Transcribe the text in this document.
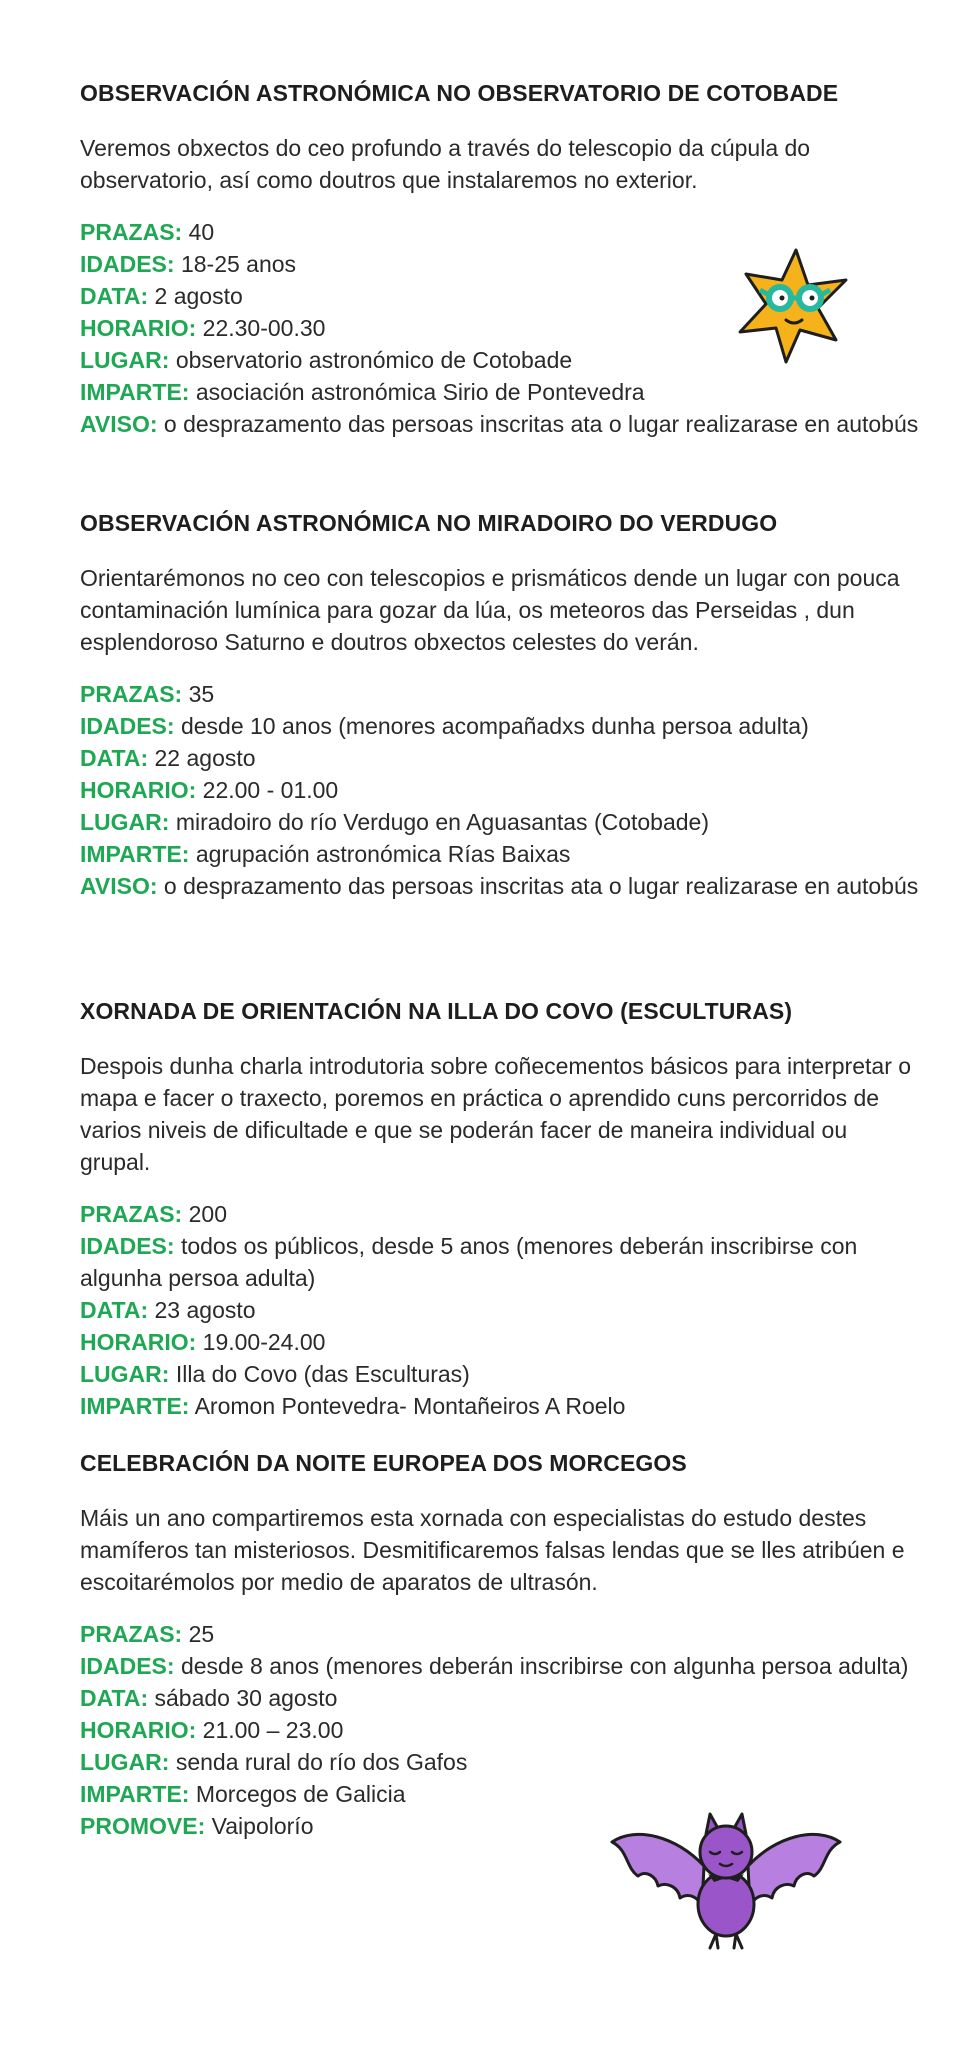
OBSERVACIÓN ASTRONÓMICA NO OBSERVATORIO DE COTOBADE

Veremos obxectos do ceo profundo a través do telescopio da cúpula do observatorio, así como doutros que instalaremos no exterior.

PRAZAS: 40

IDADES: 18-25 anos

DATA: 2 agosto

HORARIO: 22.30-00.30

LUGAR: observatorio astronómico de Cotobade

IMPARTE: asociación astronómica Sirio de Pontevedra

AVISO: o desprazamento das persoas inscritas ata o lugar realizarase en autobús

OBSERVACIÓN ASTRONÓMICA NO MIRADOIRO DO VERDUGO

Orientarémonos no ceo con telescopios e prismáticos dende un lugar con pouca contaminación lumínica para gozar da lúa, os meteoros das Perseidas , dun esplendoroso Saturno e doutros obxectos celestes do verán.

PRAZAS: 35

IDADES: desde 10 anos (menores acompañadxs dunha persoa adulta)

DATA: 22 agosto

HORARIO: 22.00 - 01.00

LUGAR: miradoiro do río Verdugo en Aguasantas (Cotobade)

IMPARTE: agrupación astronómica Rías Baixas

AVISO: o desprazamento das persoas inscritas ata o lugar realizarase en autobús

XORNADA DE ORIENTACIÓN NA ILLA DO COVO (ESCULTURAS)

Despois dunha charla introdutoria sobre coñecementos básicos para interpretar o mapa e facer o traxecto, poremos en práctica o aprendido cuns percorridos de varios niveis de dificultade e que se poderán facer de maneira individual ou grupal.

PRAZAS: 200

IDADES: todos os públicos, desde 5 anos (menores deberán inscribirse con algunha persoa adulta)

DATA: 23 agosto

HORARIO: 19.00-24.00

LUGAR: Illa do Covo (das Esculturas)

IMPARTE: Aromon Pontevedra- Montañeiros A Roelo

CELEBRACIÓN DA NOITE EUROPEA DOS MORCEGOS

Máis un ano compartiremos esta xornada con especialistas do estudo destes mamíferos tan misteriosos. Desmitificaremos falsas lendas que se lles atribúen e escoitarémolos por medio de aparatos de ultrasón.

PRAZAS: 25

IDADES: desde 8 anos (menores deberán inscribirse con algunha persoa adulta)

DATA: sábado 30 agosto

HORARIO: 21.00 – 23.00

LUGAR: senda rural do río dos Gafos

IMPARTE: Morcegos de Galicia

PROMOVE: Vaipolorío
